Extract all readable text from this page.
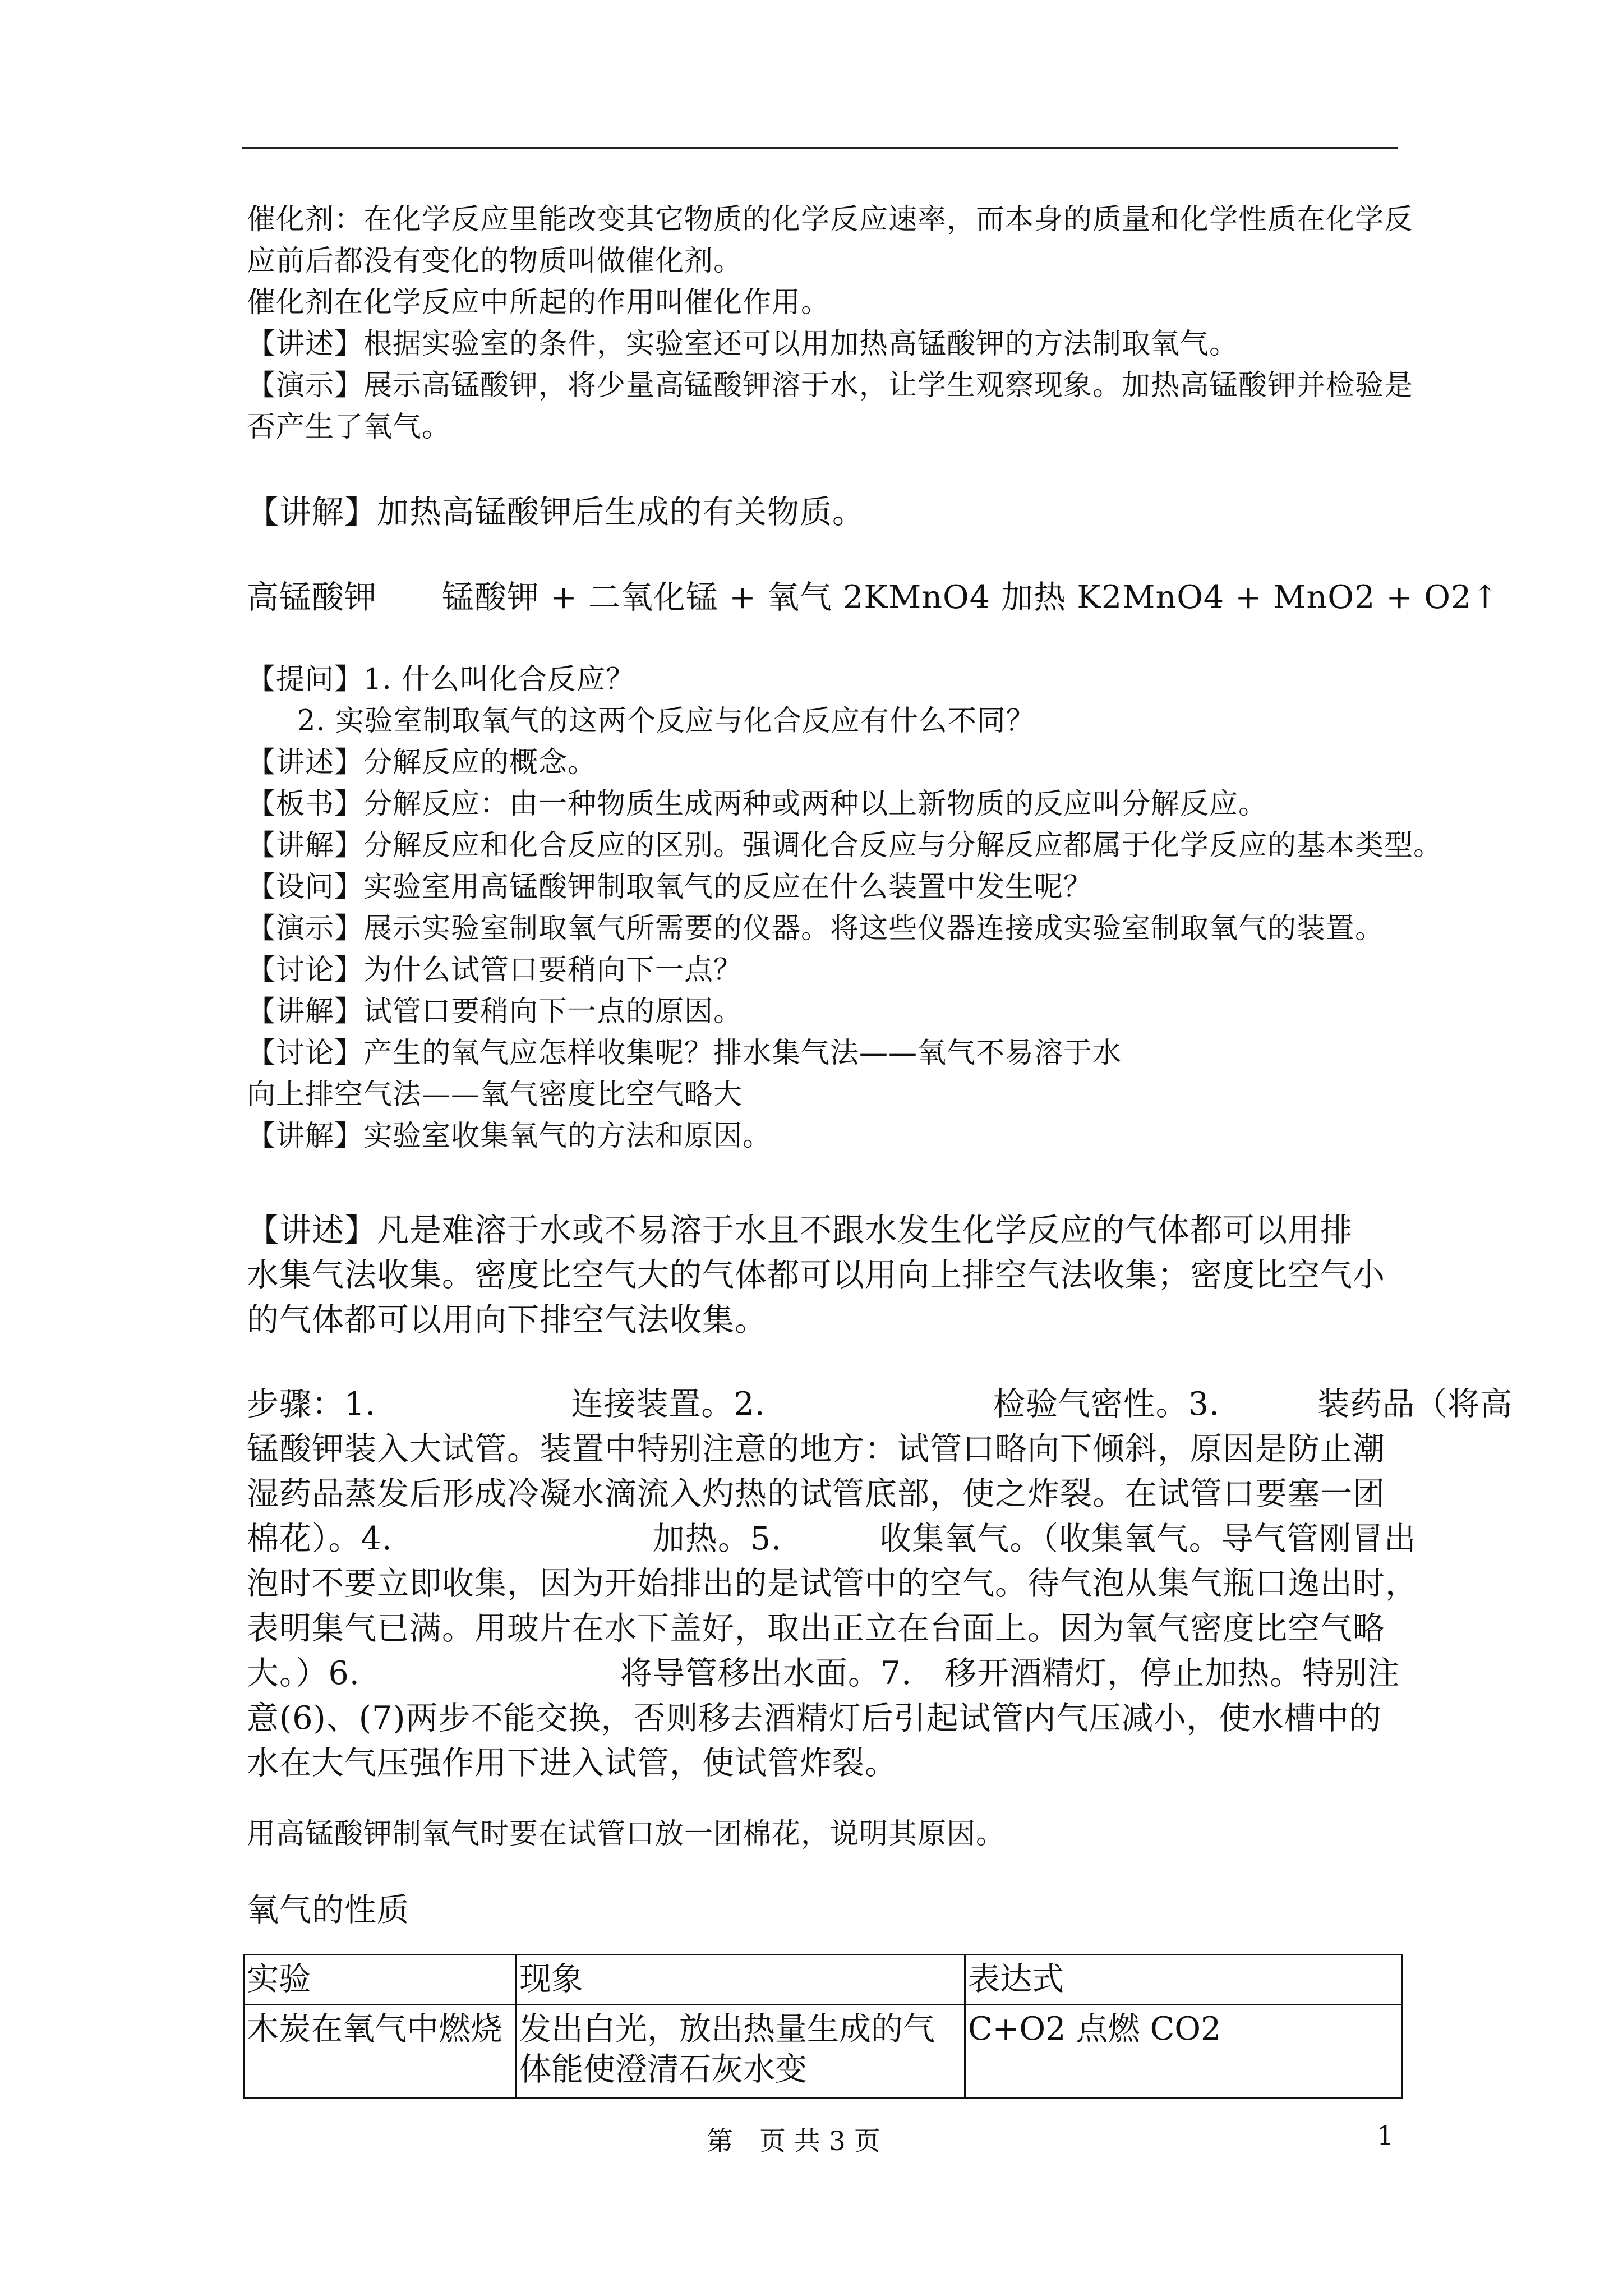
催化剂：在化学反应里能改变其它物质的化学反应速率，而本身的质量和化学性质在化学反
应前后都没有变化的物质叫做催化剂。
催化剂在化学反应中所起的作用叫催化作用。
【讲述】根据实验室的条件，实验室还可以用加热高锰酸钾的方法制取氧气。
【演示】展示高锰酸钾，将少量高锰酸钾溶于水，让学生观察现象。加热高锰酸钾并检验是
否产生了氧气。
【讲解】加热高锰酸钾后生成的有关物质。
高锰酸钾　　锰酸钾 + 二氧化锰 + 氧气 2KMnO4 加热 K2MnO4 + MnO2 + O2↑
【提问】1. 什么叫化合反应？
2. 实验室制取氧气的这两个反应与化合反应有什么不同？
【讲述】分解反应的概念。
【板书】分解反应：由一种物质生成两种或两种以上新物质的反应叫分解反应。
【讲解】分解反应和化合反应的区别。强调化合反应与分解反应都属于化学反应的基本类型。
【设问】实验室用高锰酸钾制取氧气的反应在什么装置中发生呢？
【演示】展示实验室制取氧气所需要的仪器。将这些仪器连接成实验室制取氧气的装置。
【讨论】为什么试管口要稍向下一点？
【讲解】试管口要稍向下一点的原因。
【讨论】产生的氧气应怎样收集呢？排水集气法——氧气不易溶于水
向上排空气法——氧气密度比空气略大
【讲解】实验室收集氧气的方法和原因。
【讲述】凡是难溶于水或不易溶于水且不跟水发生化学反应的气体都可以用排
水集气法收集。密度比空气大的气体都可以用向上排空气法收集；密度比空气小
的气体都可以用向下排空气法收集。
步骤：1.　　　　　　连接装置。2.　　　　　　　检验气密性。3.　　　装药品（将高
锰酸钾装入大试管。装置中特别注意的地方：试管口略向下倾斜，原因是防止潮
湿药品蒸发后形成冷凝水滴流入灼热的试管底部，使之炸裂。在试管口要塞一团
棉花）。4.　　　　　　　　加热。5.　　　收集氧气。（收集氧气。导气管刚冒出
泡时不要立即收集，因为开始排出的是试管中的空气。待气泡从集气瓶口逸出时，
表明集气已满。用玻片在水下盖好，取出正立在台面上。因为氧气密度比空气略
大。）6.　　　　　　　　将导管移出水面。7.　移开酒精灯，停止加热。特别注
意(6)、(7)两步不能交换，否则移去酒精灯后引起试管内气压减小，使水槽中的
水在大气压强作用下进入试管，使试管炸裂。
用高锰酸钾制氧气时要在试管口放一团棉花，说明其原因。
氧气的性质
实验	现象	表达式
木炭在氧气中燃烧	发出白光，放出热量生成的气体能使澄清石灰水变	C+O2 点燃 CO2
第　页 共 3 页	1
